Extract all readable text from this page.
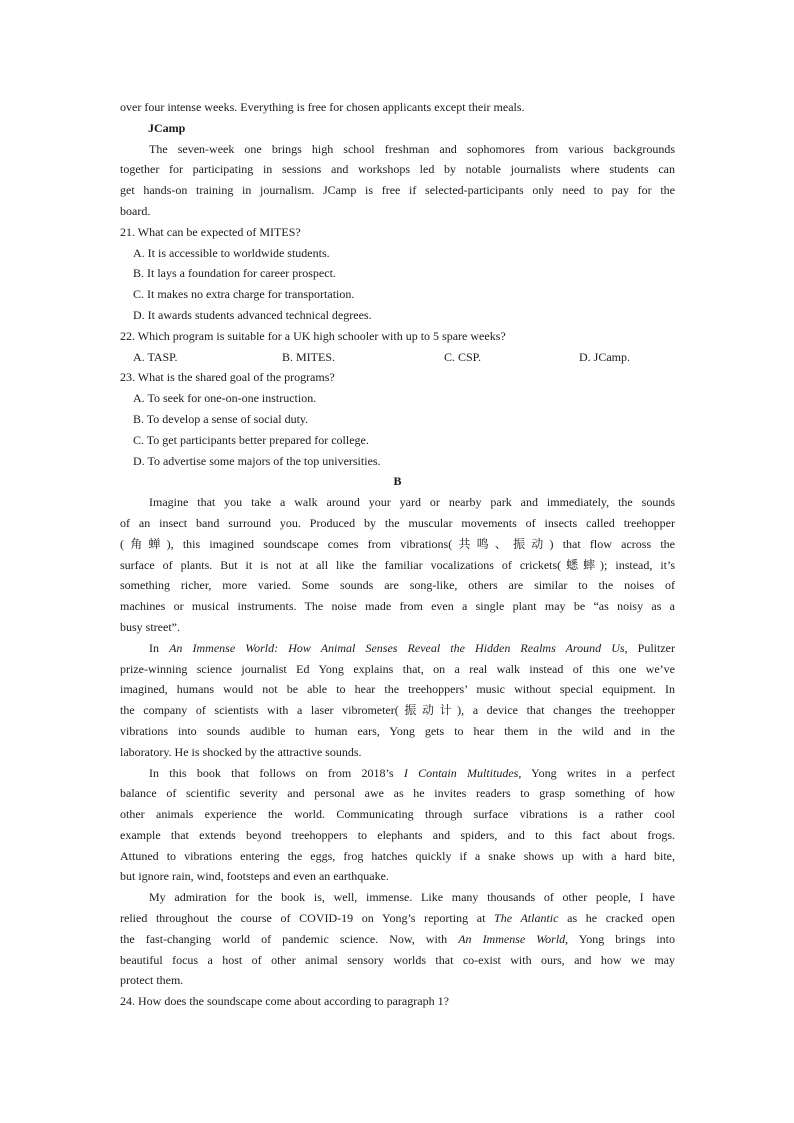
over four intense weeks. Everything is free for chosen applicants except their meals.
JCamp
The seven-week one brings high school freshman and sophomores from various backgrounds
together for participating in sessions and workshops led by notable journalists where students can
get hands-on training in journalism. JCamp is free if selected-participants only need to pay for the
board.
21. What can be expected of MITES?
A. It is accessible to worldwide students.
B. It lays a foundation for career prospect.
C. It makes no extra charge for transportation.
D. It awards students advanced technical degrees.
22. Which program is suitable for a UK high schooler with up to 5 spare weeks?
A. TASP.	B. MITES.	C. CSP.	D. JCamp.
23. What is the shared goal of the programs?
A. To seek for one-on-one instruction.
B. To develop a sense of social duty.
C. To get participants better prepared for college.
D. To advertise some majors of the top universities.
B
Imagine that you take a walk around your yard or nearby park and immediately, the sounds
of an insect band surround you. Produced by the muscular movements of insects called treehopper
(角蝉), this imagined soundscape comes from vibrations(共鸣、振动) that flow across the
surface of plants. But it is not at all like the familiar vocalizations of crickets(蟋蟀); instead, it’s
something richer, more varied. Some sounds are song-like, others are similar to the noises of
machines or musical instruments. The noise made from even a single plant may be “as noisy as a
busy street”.
In An Immense World: How Animal Senses Reveal the Hidden Realms Around Us, Pulitzer
prize-winning science journalist Ed Yong explains that, on a real walk instead of this one we’ve
imagined, humans would not be able to hear the treehoppers’ music without special equipment. In
the company of scientists with a laser vibrometer(振动计), a device that changes the treehopper
vibrations into sounds audible to human ears, Yong gets to hear them in the wild and in the
laboratory. He is shocked by the attractive sounds.
In this book that follows on from 2018’s I Contain Multitudes, Yong writes in a perfect
balance of scientific severity and personal awe as he invites readers to grasp something of how
other animals experience the world. Communicating through surface vibrations is a rather cool
example that extends beyond treehoppers to elephants and spiders, and to this fact about frogs.
Attuned to vibrations entering the eggs, frog hatches quickly if a snake shows up with a hard bite,
but ignore rain, wind, footsteps and even an earthquake.
My admiration for the book is, well, immense. Like many thousands of other people, I have
relied throughout the course of COVID-19 on Yong’s reporting at The Atlantic as he cracked open
the fast-changing world of pandemic science. Now, with An Immense World, Yong brings into
beautiful focus a host of other animal sensory worlds that co-exist with ours, and how we may
protect them.
24. How does the soundscape come about according to paragraph 1?
